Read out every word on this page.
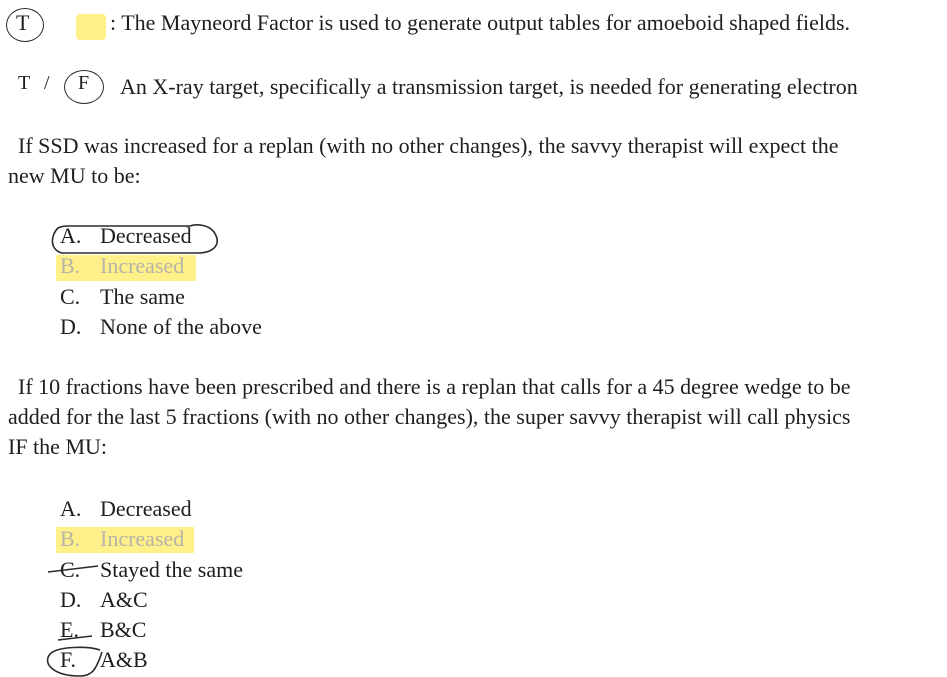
T	: The Mayneord Factor is used to generate output tables for amoeboid shaped fields.
T / F An X-ray target, specifically a transmission target, is needed for generating electron
If SSD was increased for a replan (with no other changes), the savvy therapist will expect the
new MU to be:
A. Decreased
B. Increased
C. The same
D. None of the above
If 10 fractions have been prescribed and there is a replan that calls for a 45 degree wedge to be
added for the last 5 fractions (with no other changes), the super savvy therapist will call physics
IF the MU:
A. Decreased
B. Increased
C. Stayed the same
D. A&C
E. B&C
F. A&B
